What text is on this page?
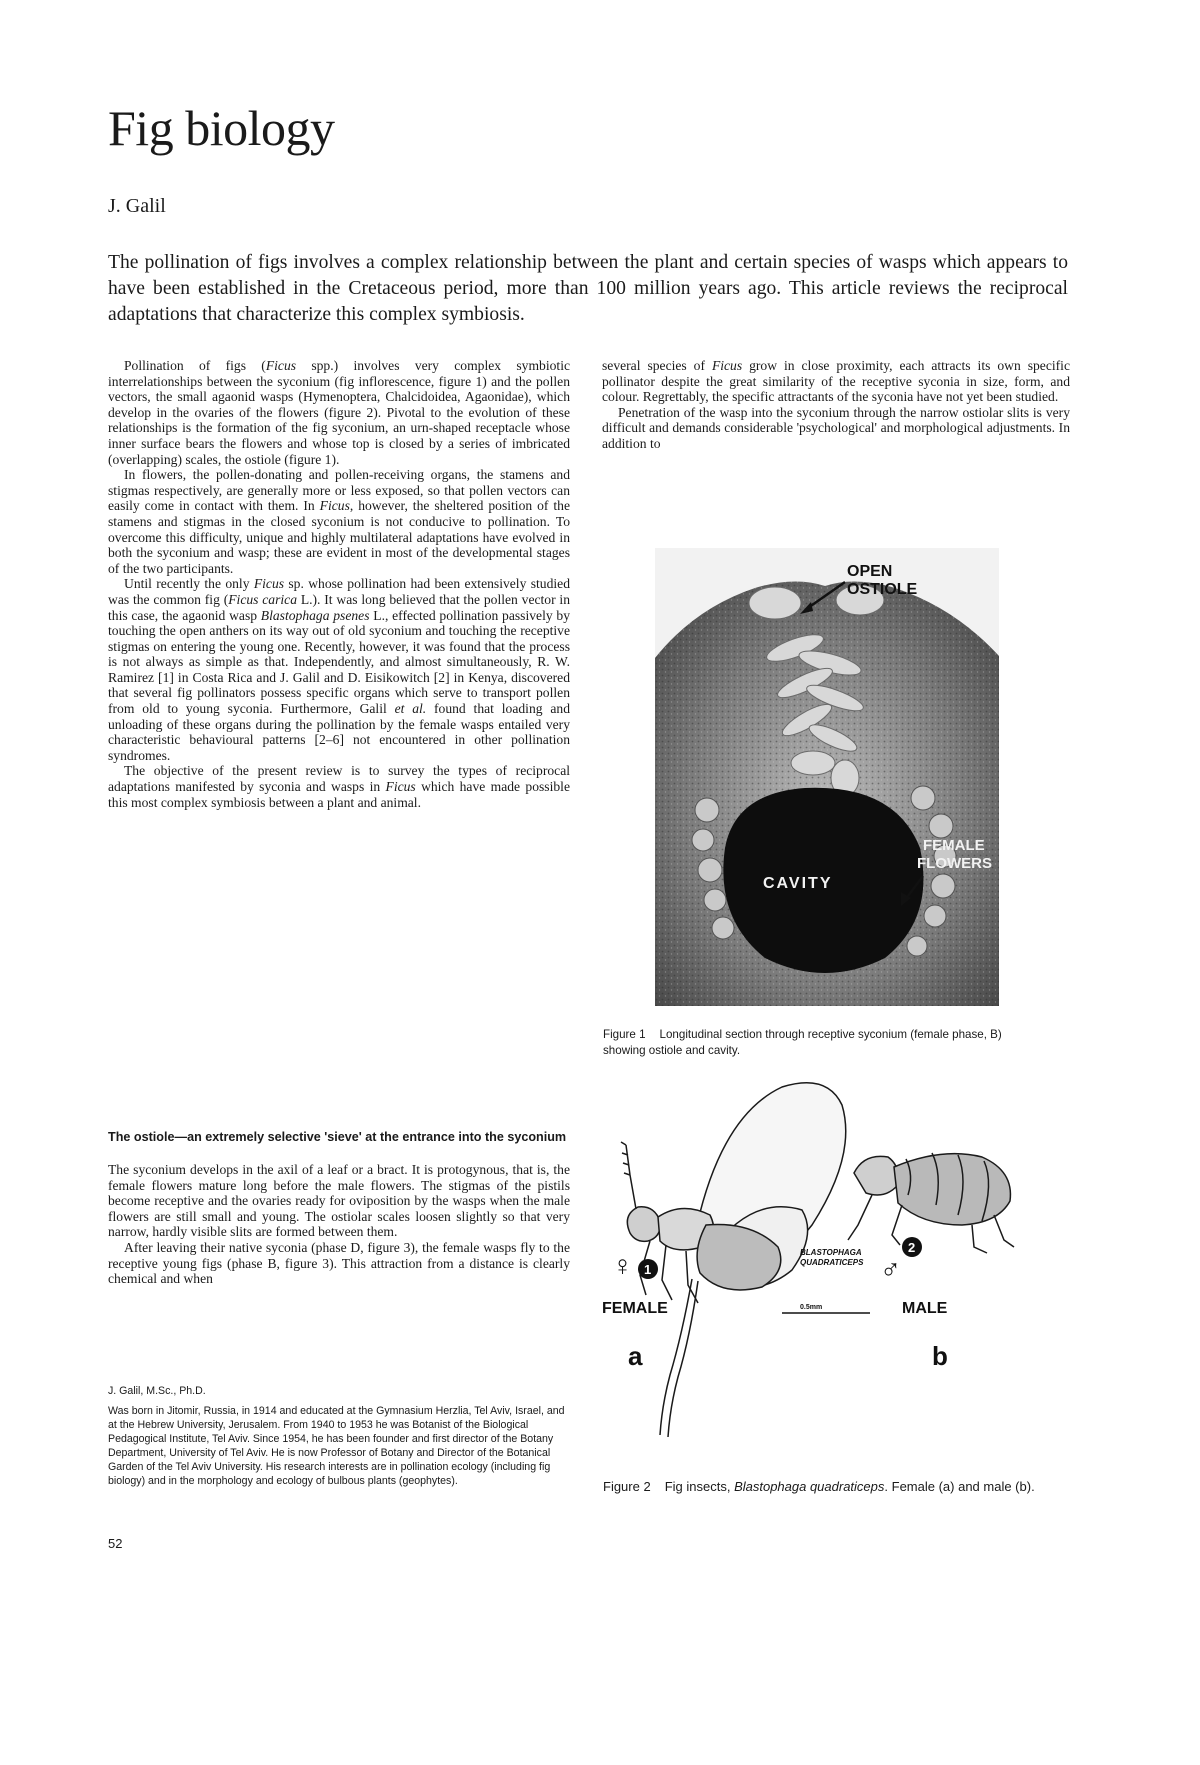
Fig biology

J. Galil

The pollination of figs involves a complex relationship between the plant and certain species of wasps which appears to have been established in the Cretaceous period, more than 100 million years ago. This article reviews the reciprocal adaptations that characterize this complex symbiosis.

Pollination of figs (Ficus spp.) involves very complex symbiotic interrelationships between the syconium (fig inflorescence, figure 1) and the pollen vectors, the small agaonid wasps (Hymenoptera, Chalcidoidea, Agaonidae), which develop in the ovaries of the flowers (figure 2). Pivotal to the evolution of these relationships is the formation of the fig syconium, an urn-shaped receptacle whose inner surface bears the flowers and whose top is closed by a series of imbricated (overlapping) scales, the ostiole (figure 1).

In flowers, the pollen-donating and pollen-receiving organs, the stamens and stigmas respectively, are generally more or less exposed, so that pollen vectors can easily come in contact with them. In Ficus, however, the sheltered position of the stamens and stigmas in the closed syconium is not conducive to pollination. To overcome this difficulty, unique and highly multilateral adaptations have evolved in both the syconium and wasp; these are evident in most of the developmental stages of the two participants.

Until recently the only Ficus sp. whose pollination had been extensively studied was the common fig (Ficus carica L.). It was long believed that the pollen vector in this case, the agaonid wasp Blastophaga psenes L., effected pollination passively by touching the open anthers on its way out of old syconium and touching the receptive stigmas on entering the young one. Recently, however, it was found that the process is not always as simple as that. Independently, and almost simultaneously, R. W. Ramirez [1] in Costa Rica and J. Galil and D. Eisikowitch [2] in Kenya, discovered that several fig pollinators possess specific organs which serve to transport pollen from old to young syconia. Furthermore, Galil et al. found that loading and unloading of these organs during the pollination by the female wasps entailed very characteristic behavioural patterns [2–6] not encountered in other pollination syndromes.

The objective of the present review is to survey the types of reciprocal adaptations manifested by syconia and wasps in Ficus which have made possible this most complex symbiosis between a plant and animal.

The ostiole—an extremely selective 'sieve' at the entrance into the syconium

The syconium develops in the axil of a leaf or a bract. It is protogynous, that is, the female flowers mature long before the male flowers. The stigmas of the pistils become receptive and the ovaries ready for oviposition by the wasps when the male flowers are still small and young. The ostiolar scales loosen slightly so that very narrow, hardly visible slits are formed between them.

After leaving their native syconia (phase D, figure 3), the female wasps fly to the receptive young figs (phase B, figure 3). This attraction from a distance is clearly chemical and when

J. Galil, M.Sc., Ph.D.

Was born in Jitomir, Russia, in 1914 and educated at the Gymnasium Herzlia, Tel Aviv, Israel, and at the Hebrew University, Jerusalem. From 1940 to 1953 he was Botanist of the Biological Pedagogical Institute, Tel Aviv. Since 1954, he has been founder and first director of the Botany Department, University of Tel Aviv. He is now Professor of Botany and Director of the Botanical Garden of the Tel Aviv University. His research interests are in pollination ecology (including fig biology) and in the morphology and ecology of bulbous plants (geophytes).

52

several species of Ficus grow in close proximity, each attracts its own specific pollinator despite the great similarity of the receptive syconia in size, form, and colour. Regrettably, the specific attractants of the syconia have not yet been studied.

Penetration of the wasp into the syconium through the narrow ostiolar slits is very difficult and demands considerable 'psychological' and morphological adjustments. In addition to

OPEN
OSTIOLE
CAVITY
FEMALE
FLOWERS
Figure 1 Longitudinal section through receptive syconium (female phase, B) showing ostiole and cavity.
♀ 1
BLASTOPHAGA
QUADRATICEPS ♂
2
FEMALE	0.5mm	MALE
a	b
Figure 2 Fig insects, Blastophaga quadraticeps. Female (a) and male (b).
